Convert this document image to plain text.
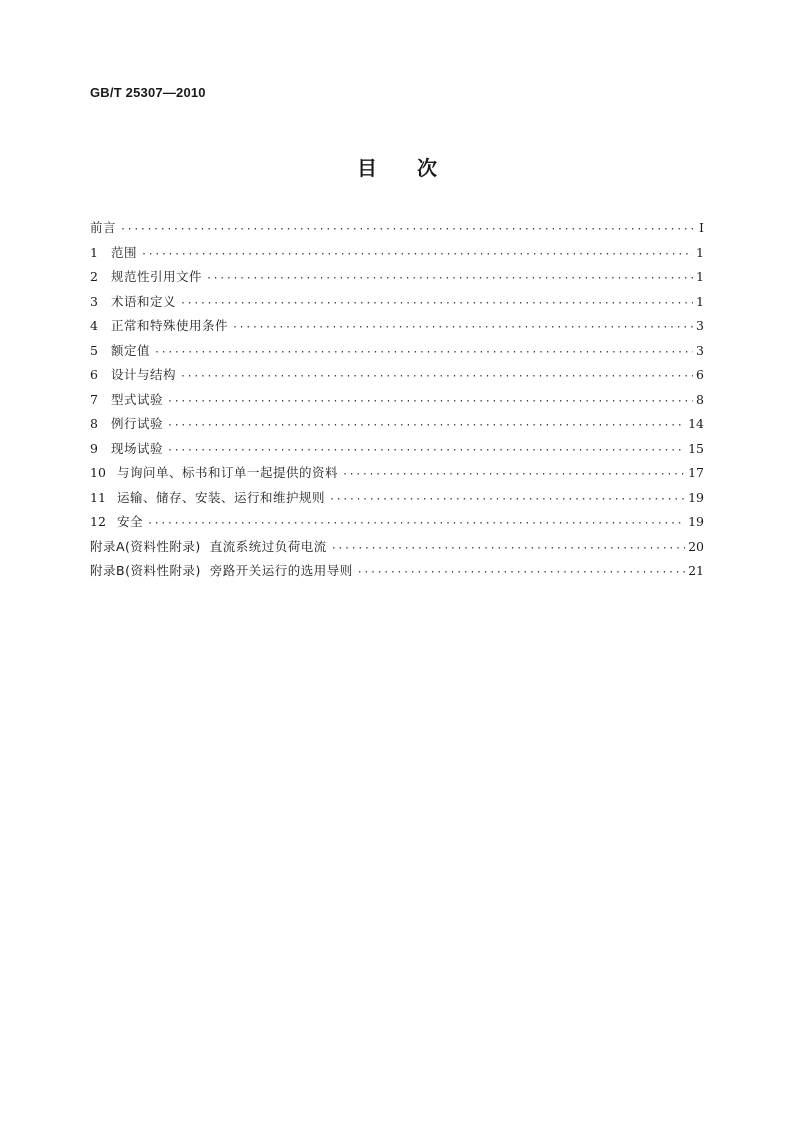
GB/T 25307—2010
目次
前言 ·····	I
1	范围 ·····	1
2	规范性引用文件 ·····	1
3	术语和定义 ·····	1
4	正常和特殊使用条件 ·····	3
5	额定值 ·····	3
6	设计与结构 ·····	6
7	型式试验 ·····	8
8	例行试验 ·····	14
9	现场试验 ·····	15
10 与询问单、标书和订单一起提供的资料 ·····	17
11 运输、储存、安装、运行和维护规则 ·····	19
12 安全 ·····	19
附录A(资料性附录)  直流系统过负荷电流 ·····	20
附录B(资料性附录)  旁路开关运行的选用导则 ·····	21
